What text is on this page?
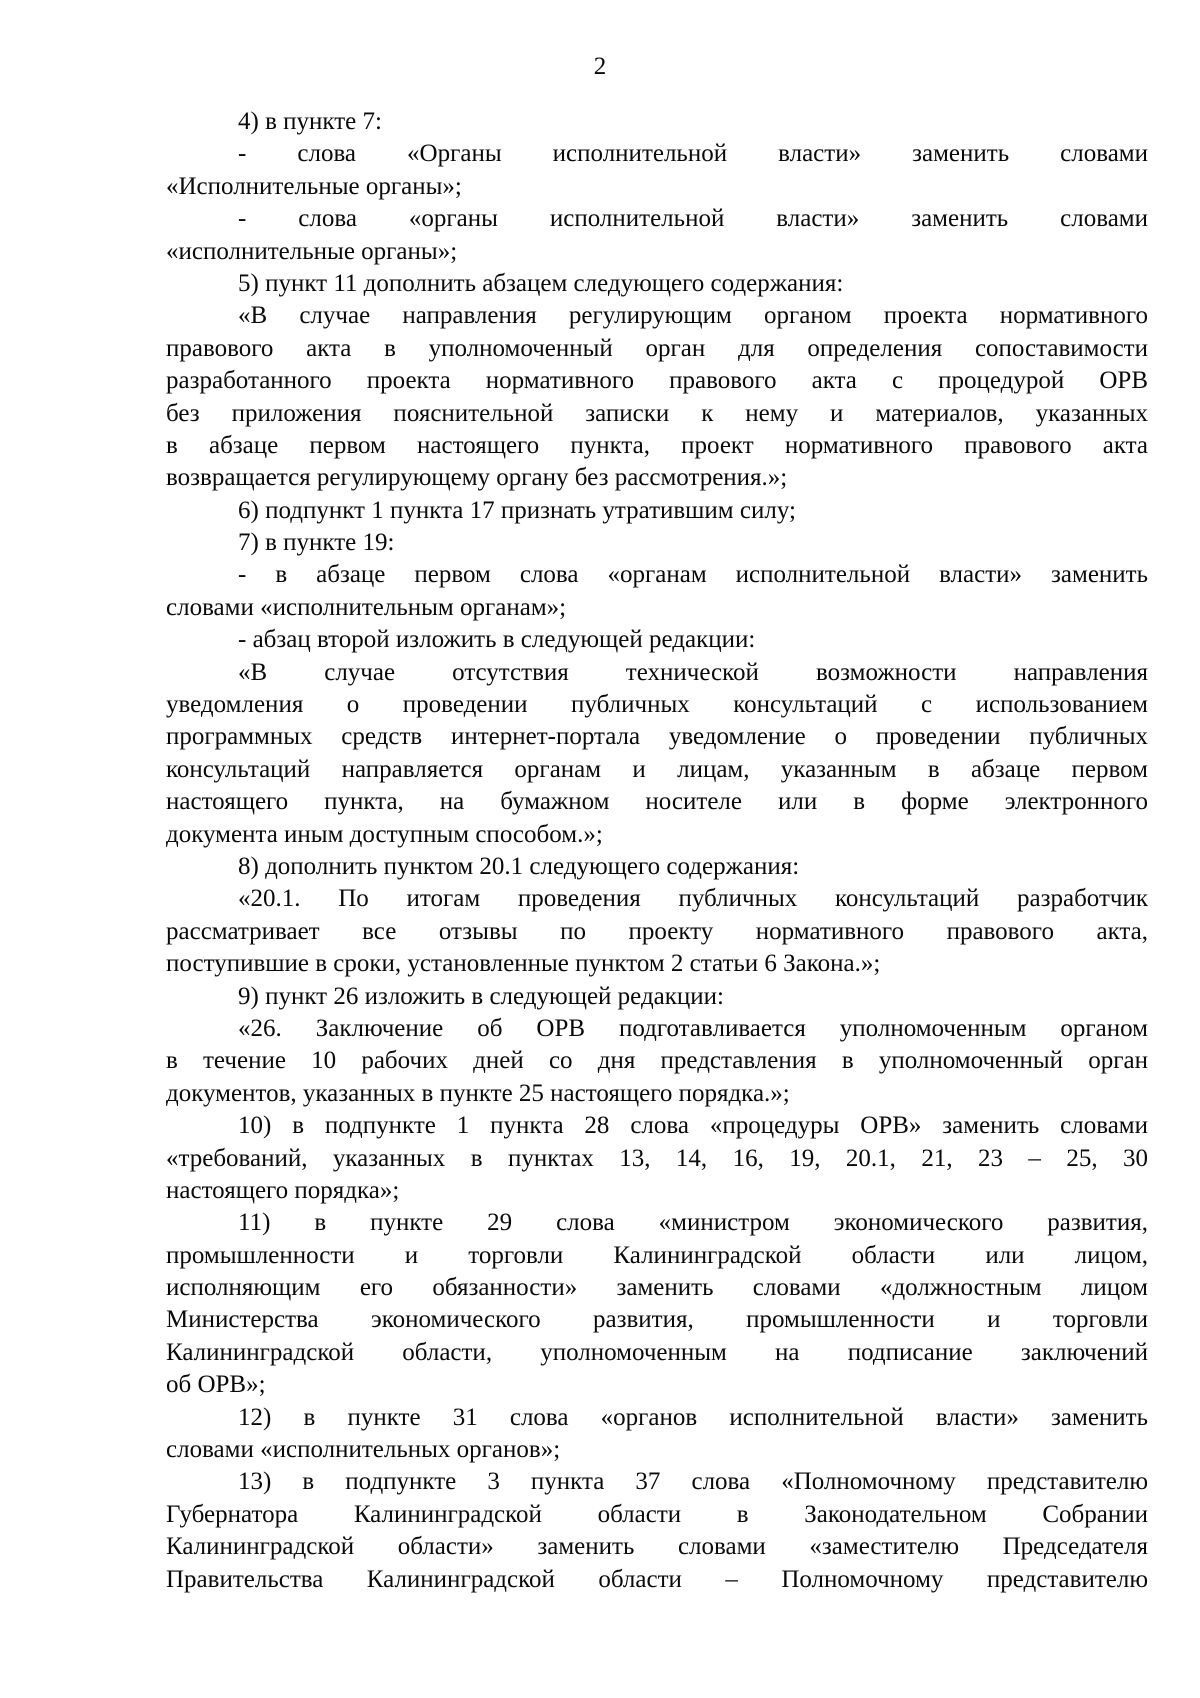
2
4) в пункте 7:
- слова «Органы исполнительной власти» заменить словами
«Исполнительные органы»;
- слова «органы исполнительной власти» заменить словами
«исполнительные органы»;
5) пункт 11 дополнить абзацем следующего содержания:
«В случае направления регулирующим органом проекта нормативного
правового акта в уполномоченный орган для определения сопоставимости
разработанного проекта нормативного правового акта с процедурой ОРВ
без приложения пояснительной записки к нему и материалов, указанных
в абзаце первом настоящего пункта, проект нормативного правового акта
возвращается регулирующему органу без рассмотрения.»;
6) подпункт 1 пункта 17 признать утратившим силу;
7) в пункте 19:
- в абзаце первом слова «органам исполнительной власти» заменить
словами «исполнительным органам»;
- абзац второй изложить в следующей редакции:
«В случае отсутствия технической возможности направления
уведомления о проведении публичных консультаций с использованием
программных средств интернет-портала уведомление о проведении публичных
консультаций направляется органам и лицам, указанным в абзаце первом
настоящего пункта, на бумажном носителе или в форме электронного
документа иным доступным способом.»;
8) дополнить пунктом 20.1 следующего содержания:
«20.1. По итогам проведения публичных консультаций разработчик
рассматривает все отзывы по проекту нормативного правового акта,
поступившие в сроки, установленные пунктом 2 статьи 6 Закона.»;
9) пункт 26 изложить в следующей редакции:
«26. Заключение об ОРВ подготавливается уполномоченным органом
в течение 10 рабочих дней со дня представления в уполномоченный орган
документов, указанных в пункте 25 настоящего порядка.»;
10) в подпункте 1 пункта 28 слова «процедуры ОРВ» заменить словами
«требований, указанных в пунктах 13, 14, 16, 19, 20.1, 21, 23 – 25, 30
настоящего порядка»;
11) в пункте 29 слова «министром экономического развития,
промышленности и торговли Калининградской области или лицом,
исполняющим его обязанности» заменить словами «должностным лицом
Министерства экономического развития, промышленности и торговли
Калининградской области, уполномоченным на подписание заключений
об ОРВ»;
12) в пункте 31 слова «органов исполнительной власти» заменить
словами «исполнительных органов»;
13) в подпункте 3 пункта 37 слова «Полномочному представителю
Губернатора Калининградской области в Законодательном Собрании
Калининградской области» заменить словами «заместителю Председателя
Правительства Калининградской области – Полномочному представителю
